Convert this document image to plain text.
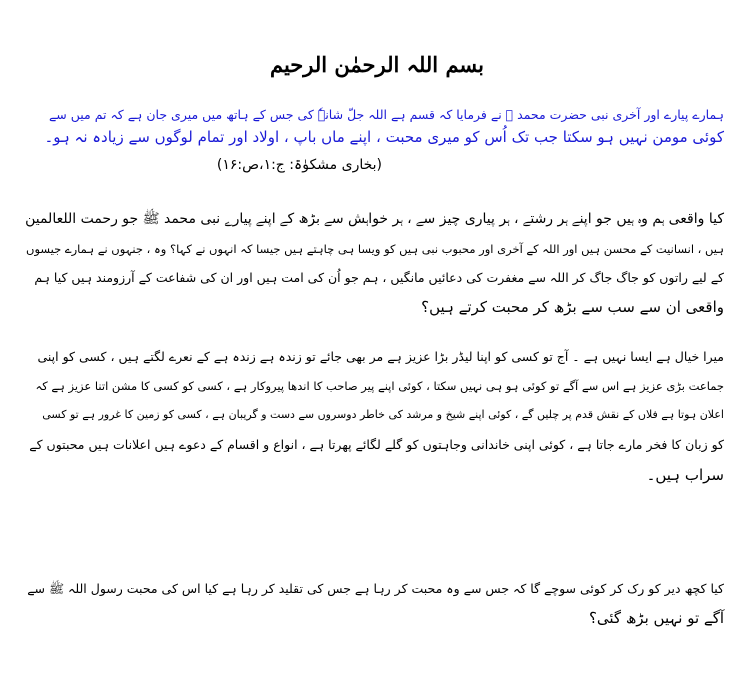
بسم اللہ الرحمٰن الرحیم
ہمارے پیارے اور آخری نبی حضرت محمد ﷺ نے فرمایا کہ قسم ہے اللہ جلّ شانہٗ کی جس کے ہاتھ میں میری جان ہے کہ تم میں سے
کوئی مومن نہیں ہو سکتا جب تک اُس کو میری محبت ، اپنے ماں باپ ، اولاد اور تمام لوگوں سے زیادہ نہ ہو۔
(بخاری مشکوٰۃ: ج:۱،ص:۱۶)
کیا واقعی ہم وہ ہیں جو اپنے ہر رشتے ، ہر پیاری چیز سے ، ہر خواہش سے بڑھ کے اپنے پیارے نبی محمد ﷺ جو رحمت اللعالمین
ہیں ، انسانیت کے محسن ہیں اور اللہ کے آخری اور محبوب نبی ہیں کو ویسا ہی چاہتے ہیں جیسا کہ انہوں نے کہا؟ وہ ، جنہوں نے ہمارے جیسوں
کے لیے راتوں کو جاگ جاگ کر اللہ سے مغفرت کی دعائیں مانگیں ، ہم جو اُن کی امت ہیں اور ان کی شفاعت کے آرزومند ہیں کیا ہم
واقعی ان سے سب سے بڑھ کر محبت کرتے ہیں؟
میرا خیال ہے ایسا نہیں ہے ۔ آج تو کسی کو اپنا لیڈر بڑا عزیز ہے مر بھی جائے تو زندہ ہے زندہ ہے کے نعرے لگتے ہیں ، کسی کو اپنی
جماعت بڑی عزیز ہے اس سے آگے تو کوئی ہو ہی نہیں سکتا ، کوئی اپنے پیر صاحب کا اندھا پیروکار ہے ، کسی کو کسی کا مشن اتنا عزیز ہے کہ
اعلان ہوتا ہے فلاں کے نقش قدم پر چلیں گے ، کوئی اپنے شیخ و مرشد کی خاطر دوسروں سے دست و گریبان ہے ، کسی کو زمین کا غرور ہے تو کسی
کو زبان کا فخر مارے جاتا ہے ، کوئی اپنی خاندانی وجاہتوں کو گلے لگائے پھرتا ہے ، انواع و اقسام کے دعوے ہیں اعلانات ہیں محبتوں کے
سراب ہیں۔
کیا کچھ دیر کو رک کر کوئی سوچے گا کہ جس سے وہ محبت کر رہا ہے جس کی تقلید کر رہا ہے کیا اس کی محبت رسول اللہ ﷺ سے
آگے تو نہیں بڑھ گئی؟
